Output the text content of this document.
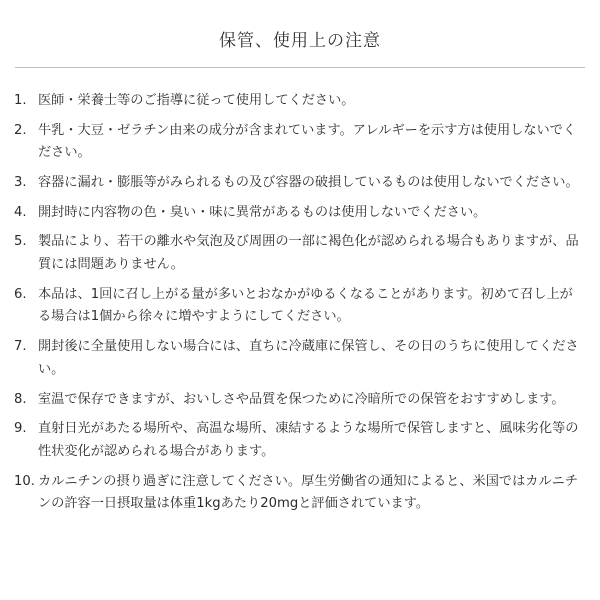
保管、使用上の注意
1. 医師・栄養士等のご指導に従って使用してください。
2. 牛乳・大豆・ゼラチン由来の成分が含まれています。アレルギーを示す方は使用しないでください。
3. 容器に漏れ・膨脹等がみられるもの及び容器の破損しているものは使用しないでください。
4. 開封時に内容物の色・臭い・味に異常があるものは使用しないでください。
5. 製品により、若干の離水や気泡及び周囲の一部に褐色化が認められる場合もありますが、品質には問題ありません。
6. 本品は、1回に召し上がる量が多いとおなかがゆるくなることがあります。初めて召し上がる場合は1個から徐々に増やすようにしてください。
7. 開封後に全量使用しない場合には、直ちに冷蔵庫に保管し、その日のうちに使用してください。
8. 室温で保存できますが、おいしさや品質を保つために冷暗所での保管をおすすめします。
9. 直射日光があたる場所や、高温な場所、凍結するような場所で保管しますと、風味劣化等の性状変化が認められる場合があります。
10. カルニチンの摂り過ぎに注意してください。厚生労働省の通知によると、米国ではカルニチンの許容一日摂取量は体重1kgあたり20mgと評価されています。
